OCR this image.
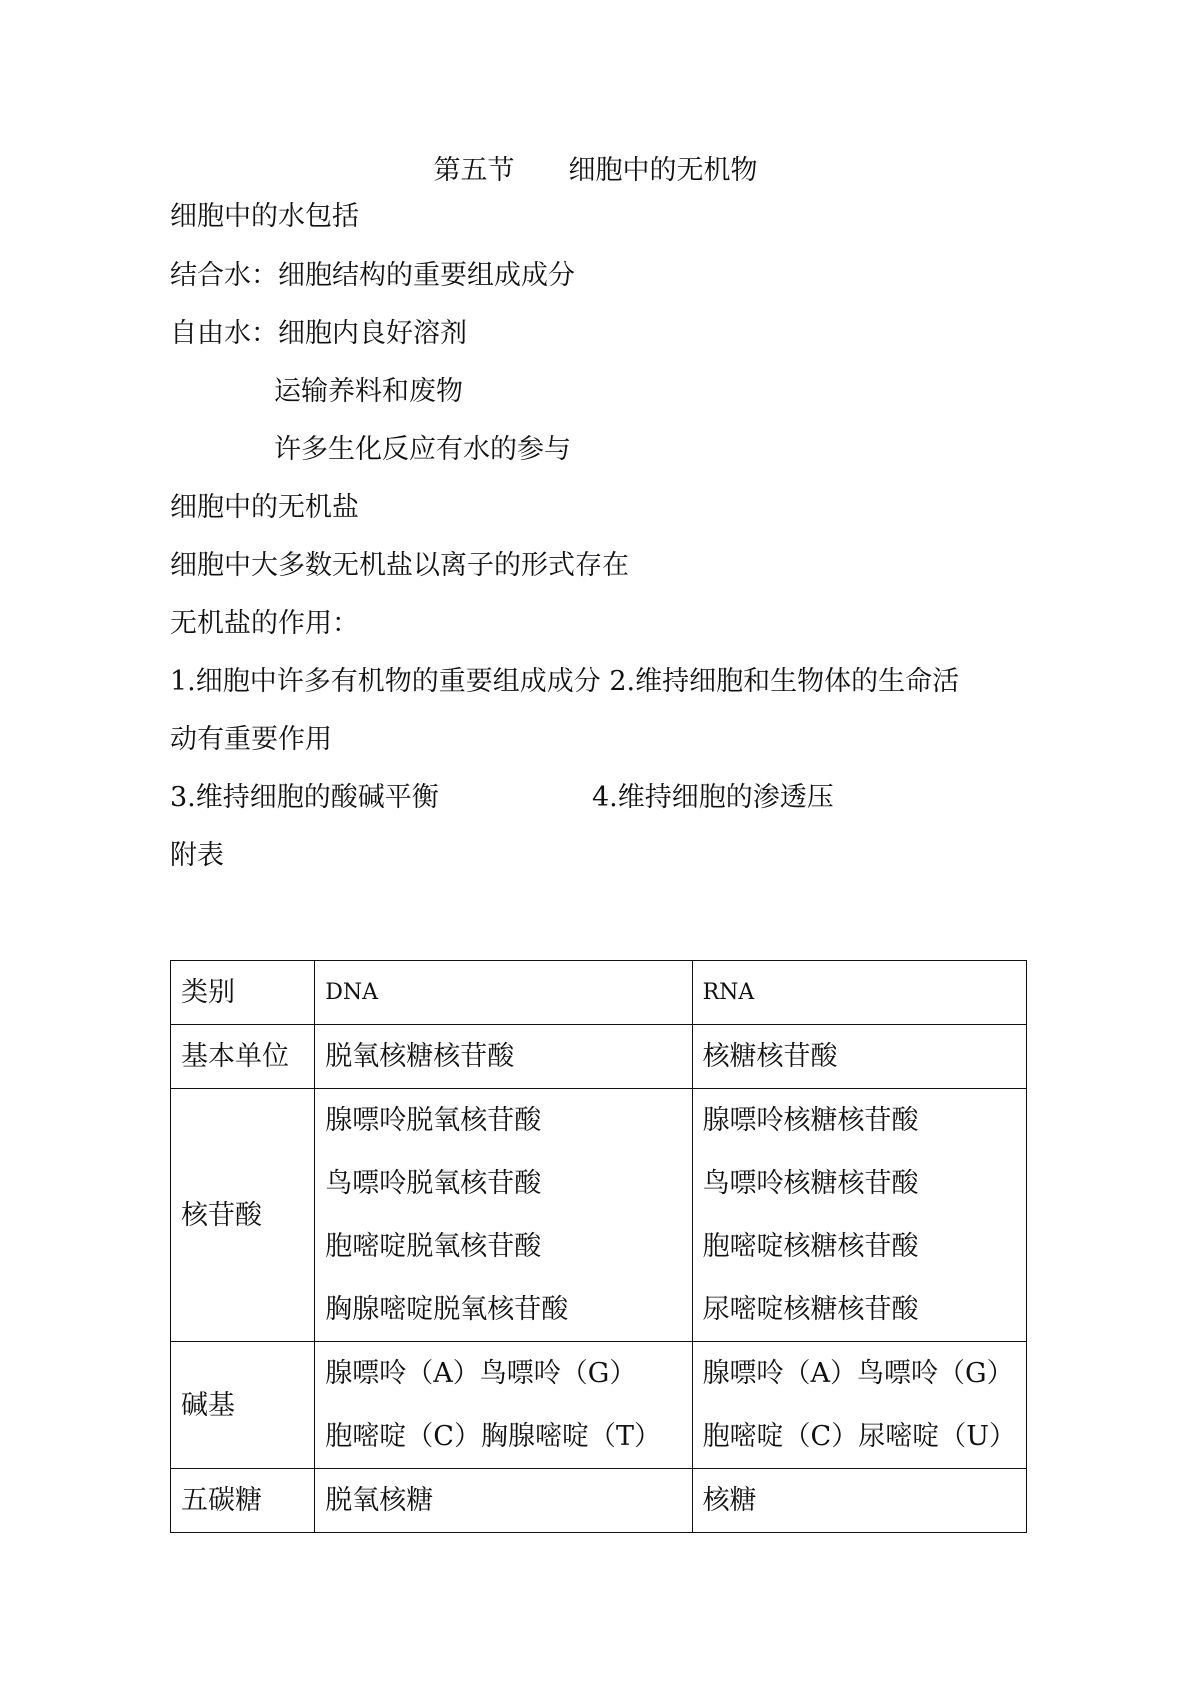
第五节　　细胞中的无机物
细胞中的水包括
结合水：细胞结构的重要组成成分
自由水：细胞内良好溶剂
运输养料和废物
许多生化反应有水的参与
细胞中的无机盐
细胞中大多数无机盐以离子的形式存在
无机盐的作用：
1.细胞中许多有机物的重要组成成分 2.维持细胞和生物体的生命活
动有重要作用
3.维持细胞的酸碱平衡	4.维持细胞的渗透压
附表
类别	DNA	RNA
基本单位	脱氧核糖核苷酸	核糖核苷酸
核苷酸	腺嘌呤脱氧核苷酸
鸟嘌呤脱氧核苷酸
胞嘧啶脱氧核苷酸
胸腺嘧啶脱氧核苷酸	腺嘌呤核糖核苷酸
鸟嘌呤核糖核苷酸
胞嘧啶核糖核苷酸
尿嘧啶核糖核苷酸

碱基	腺嘌呤（A）鸟嘌呤（G）
胞嘧啶（C）胸腺嘧啶（T）	腺嘌呤（A）鸟嘌呤（G）
胞嘧啶（C）尿嘧啶（U）

五碳糖	脱氧核糖	核糖
